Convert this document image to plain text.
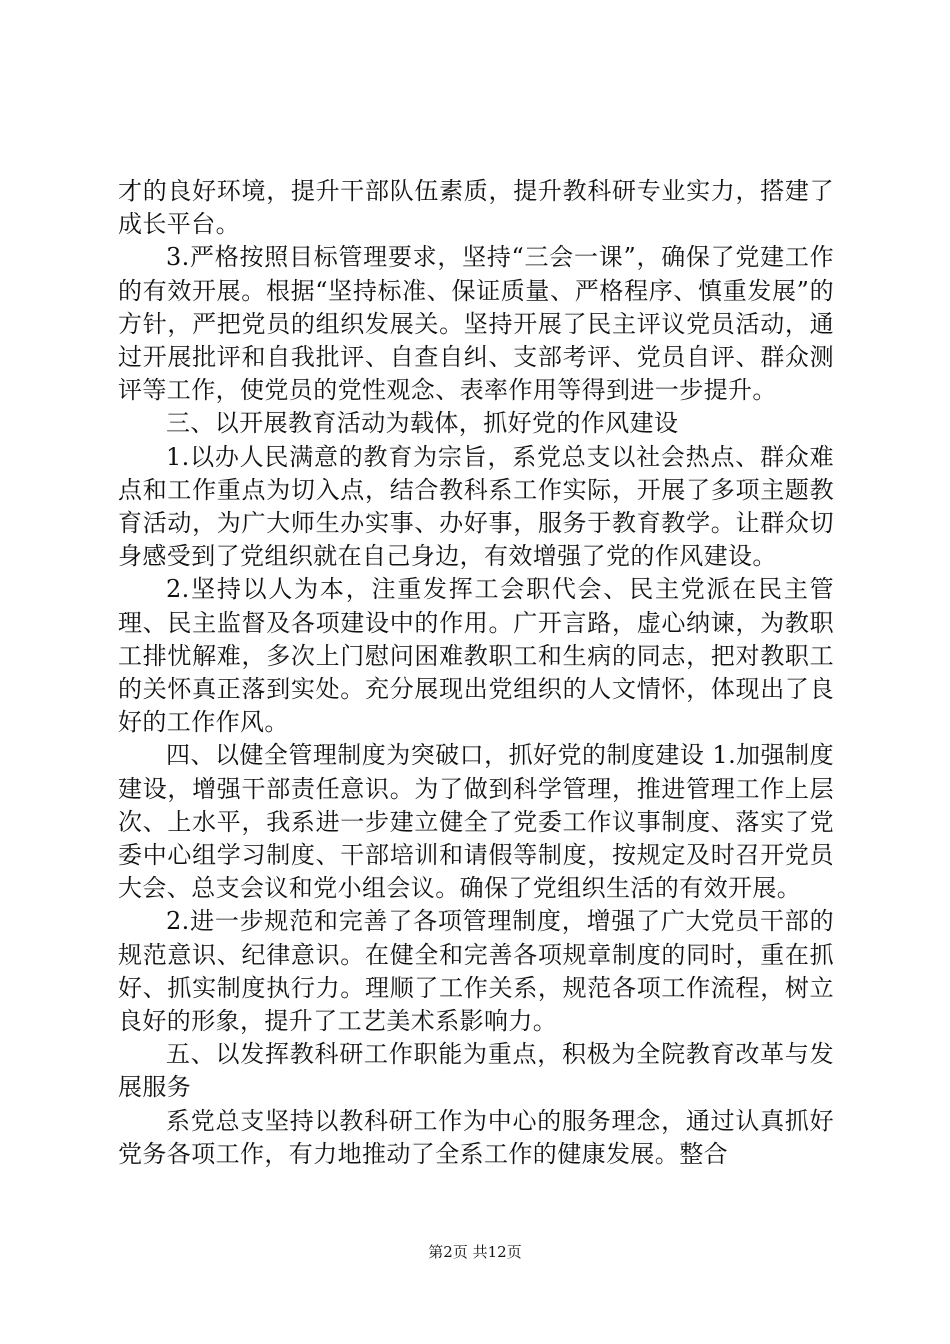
才的良好环境，提升干部队伍素质，提升教科研专业实力，搭建了成长平台。

3.严格按照目标管理要求，坚持“三会一课”，确保了党建工作的有效开展。根据“坚持标准、保证质量、严格程序、慎重发展”的方针，严把党员的组织发展关。坚持开展了民主评议党员活动，通过开展批评和自我批评、自查自纠、支部考评、党员自评、群众测评等工作，使党员的党性观念、表率作用等得到进一步提升。

三、以开展教育活动为载体，抓好党的作风建设

1.以办人民满意的教育为宗旨，系党总支以社会热点、群众难点和工作重点为切入点，结合教科系工作实际，开展了多项主题教育活动，为广大师生办实事、办好事，服务于教育教学。让群众切身感受到了党组织就在自己身边，有效增强了党的作风建设。

2.坚持以人为本，注重发挥工会职代会、民主党派在民主管理、民主监督及各项建设中的作用。广开言路，虚心纳谏，为教职工排忧解难，多次上门慰问困难教职工和生病的同志，把对教职工的关怀真正落到实处。充分展现出党组织的人文情怀，体现出了良好的工作作风。

四、以健全管理制度为突破口，抓好党的制度建设 1.加强制度建设，增强干部责任意识。为了做到科学管理，推进管理工作上层次、上水平，我系进一步建立健全了党委工作议事制度、落实了党委中心组学习制度、干部培训和请假等制度，按规定及时召开党员大会、总支会议和党小组会议。确保了党组织生活的有效开展。

2.进一步规范和完善了各项管理制度，增强了广大党员干部的规范意识、纪律意识。在健全和完善各项规章制度的同时，重在抓好、抓实制度执行力。理顺了工作关系，规范各项工作流程，树立良好的形象，提升了工艺美术系影响力。

五、以发挥教科研工作职能为重点，积极为全院教育改革与发展服务

系党总支坚持以教科研工作为中心的服务理念，通过认真抓好党务各项工作，有力地推动了全系工作的健康发展。整合

第2页 共12页
